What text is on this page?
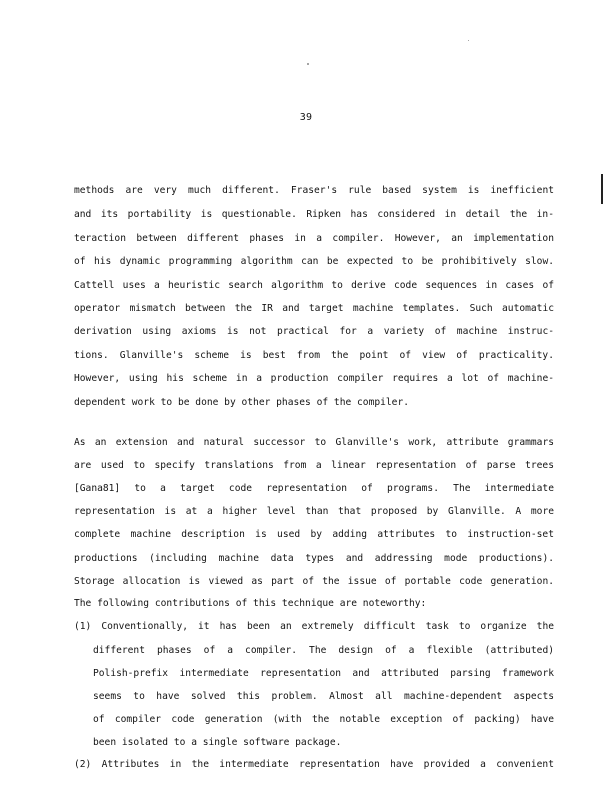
39
methods are very much different. Fraser's rule based system is inefficient
and its portability is questionable. Ripken has considered in detail the in-
teraction between different phases in a compiler. However, an implementation
of his dynamic programming algorithm can be expected to be prohibitively slow.
Cattell uses a heuristic search algorithm to derive code sequences in cases of
operator mismatch between the IR and target machine templates. Such automatic
derivation using axioms is not practical for a variety of machine instruc-
tions. Glanville's scheme is best from the point of view of practicality.
However, using his scheme in a production compiler requires a lot of machine-
dependent work to be done by other phases of the compiler.
As an extension and natural successor to Glanville's work, attribute grammars
are used to specify translations from a linear representation of parse trees
[Gana81] to a target code representation of programs. The intermediate
representation is at a higher level than that proposed by Glanville. A more
complete machine description is used by adding attributes to instruction-set
productions (including machine data types and addressing mode productions).
Storage allocation is viewed as part of the issue of portable code generation.
The following contributions of this technique are noteworthy:
(1) Conventionally, it has been an extremely difficult task to organize the
different phases of a compiler. The design of a flexible (attributed)
Polish-prefix intermediate representation and attributed parsing framework
seems to have solved this problem. Almost all machine-dependent aspects
of compiler code generation (with the notable exception of packing) have
been isolated to a single software package.
(2) Attributes in the intermediate representation have provided a convenient
